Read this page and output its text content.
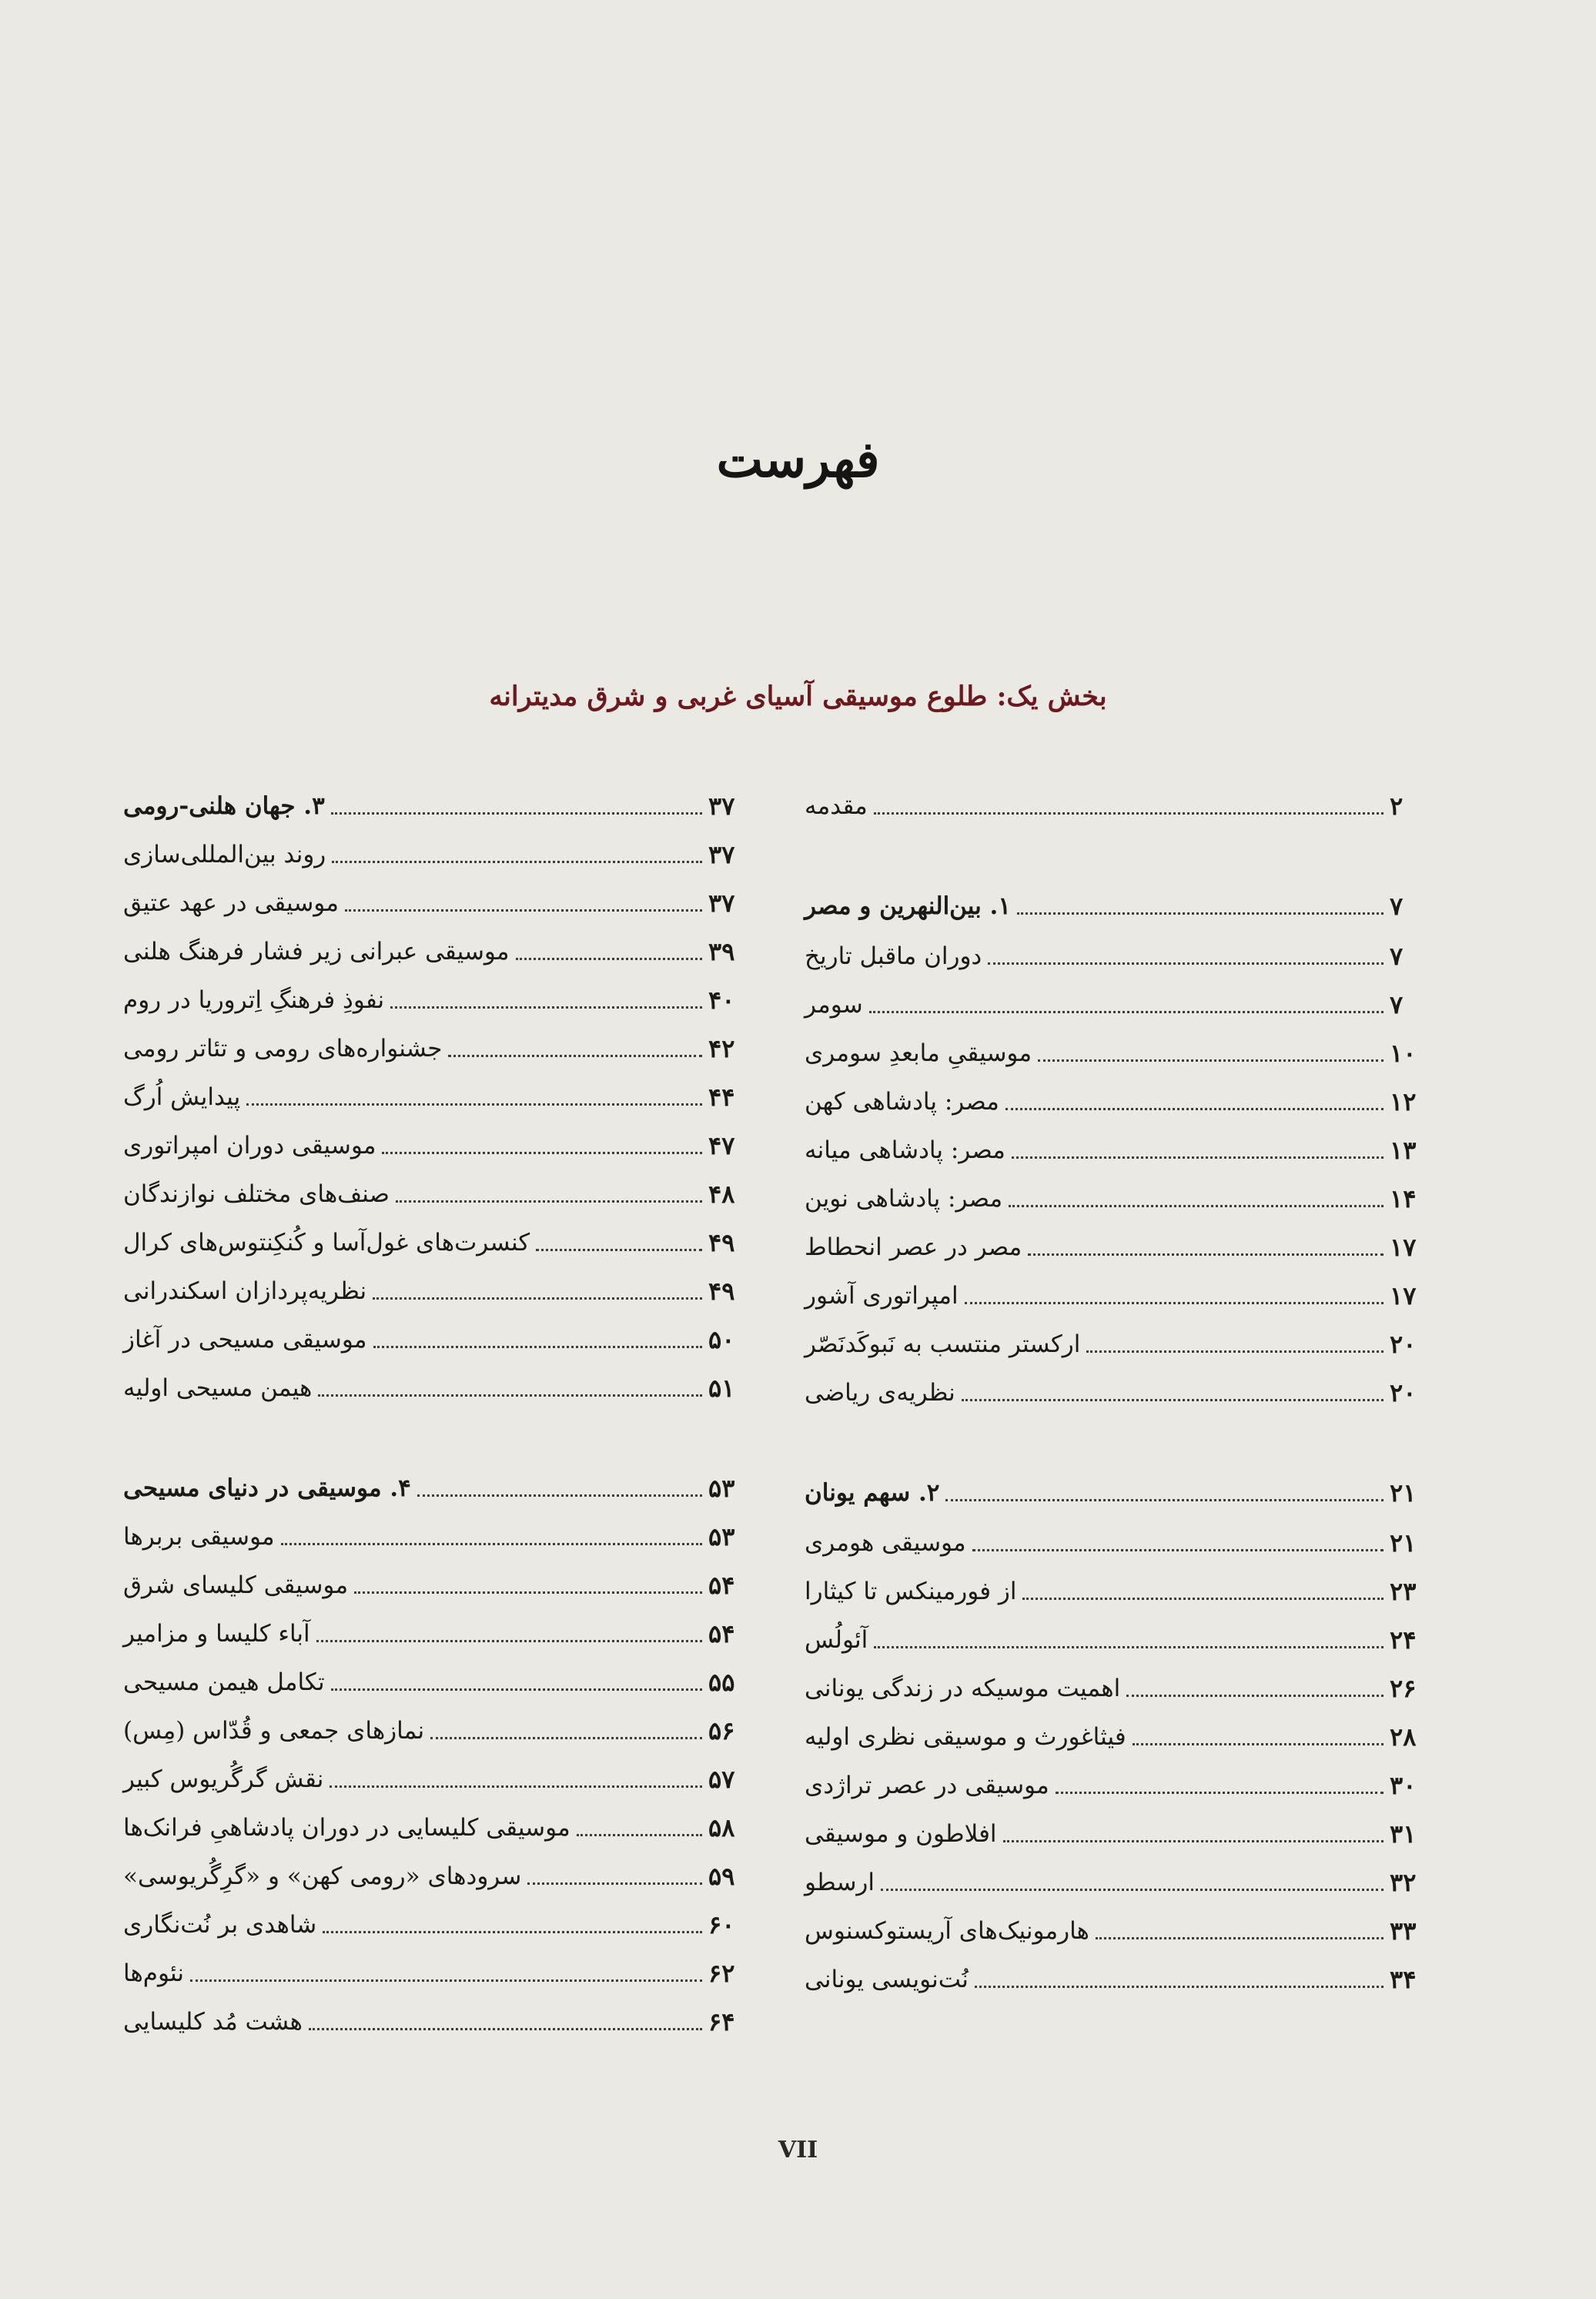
فهرست
بخش یک: طلوع موسیقی آسیای غربی و شرق مدیترانه
مقدمه	۲
۱. بین‌النهرین و مصر	۷
دوران ماقبل تاریخ	۷
سومر	۷
موسیقیِ مابعدِ سومری	۱۰
مصر: پادشاهی کهن	۱۲
مصر: پادشاهی میانه	۱۳
مصر: پادشاهی نوین	۱۴
مصر در عصر انحطاط	۱۷
امپراتوری آشور	۱۷
ارکستر منتسب به نَبوکَدنَصّر	۲۰
نظریه‌ی ریاضی	۲۰
۲. سهم یونان	۲۱
موسیقی هومری	۲۱
از فورمینکس تا کیثارا	۲۳
آئولُس	۲۴
اهمیت موسیکه در زندگی یونانی	۲۶
فیثاغورث و موسیقی نظری اولیه	۲۸
موسیقی در عصر تراژدی	۳۰
افلاطون و موسیقی	۳۱
ارسطو	۳۲
هارمونیک‌های آریستوکسنوس	۳۳
نُت‌نویسی یونانی	۳۴
۳. جهان هلنی-رومی	۳۷
روند بین‌المللی‌سازی	۳۷
موسیقی در عهد عتیق	۳۷
موسیقی عبرانی زیر فشار فرهنگ هلنی	۳۹
نفوذِ فرهنگِ اِتروریا در روم	۴۰
جشنواره‌های رومی و تئاتر رومی	۴۲
پیدایش اُرگ	۴۴
موسیقی دوران امپراتوری	۴۷
صنف‌های مختلف نوازندگان	۴۸
کنسرت‌های غول‌آسا و کُنکِنتوس‌های کرال	۴۹
نظریه‌پردازان اسکندرانی	۴۹
موسیقی مسیحی در آغاز	۵۰
هیمن مسیحی اولیه	۵۱
۴. موسیقی در دنیای مسیحی	۵۳
موسیقی بربرها	۵۳
موسیقی کلیسای شرق	۵۴
آباء کلیسا و مزامیر	۵۴
تکامل هیمن مسیحی	۵۵
نمازهای جمعی و قُدّاس (مِس)	۵۶
نقش گرگُریوس کبیر	۵۷
موسیقی کلیسایی در دوران پادشاهیِ فرانک‌ها	۵۸
سرودهای «رومی کهن» و «گرِگُریوسی»	۵۹
شاهدی بر نُت‌نگاری	۶۰
نئوم‌ها	۶۲
هشت مُد کلیسایی	۶۴
VII
